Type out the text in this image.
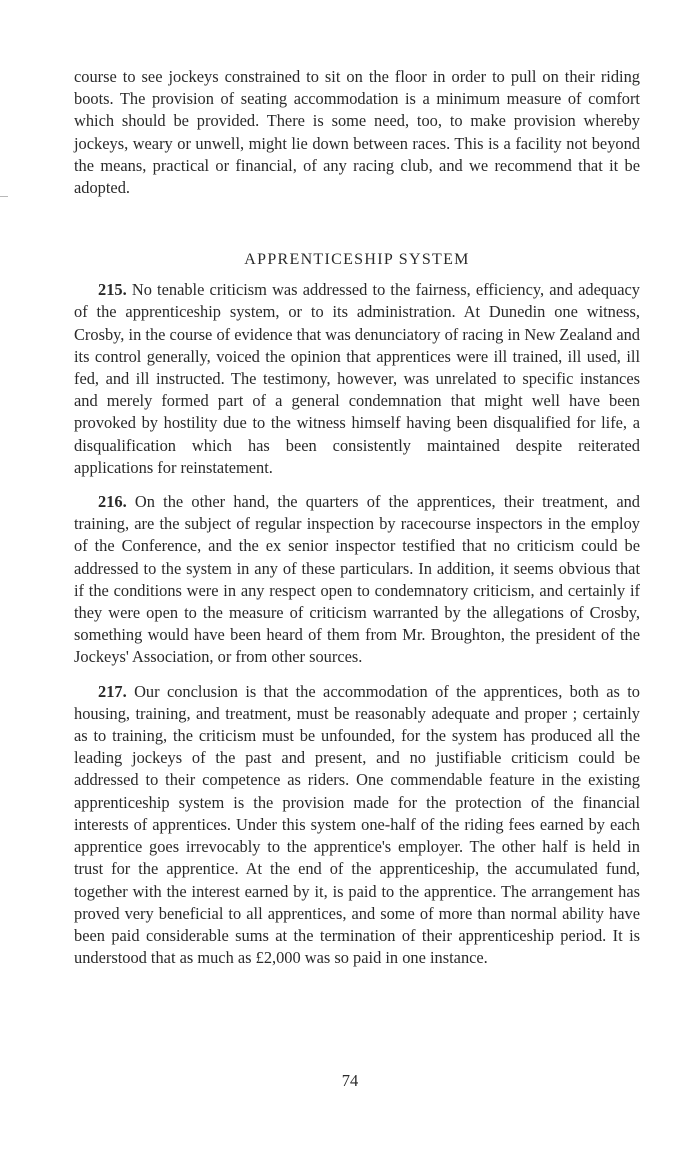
course to see jockeys constrained to sit on the floor in order to pull on their riding boots. The provision of seating accommodation is a minimum measure of comfort which should be provided. There is some need, too, to make provision whereby jockeys, weary or unwell, might lie down between races. This is a facility not beyond the means, practical or financial, of any racing club, and we recommend that it be adopted.

APPRENTICESHIP SYSTEM

215. No tenable criticism was addressed to the fairness, efficiency, and adequacy of the apprenticeship system, or to its administration. At Dunedin one witness, Crosby, in the course of evidence that was denunciatory of racing in New Zealand and its control generally, voiced the opinion that apprentices were ill trained, ill used, ill fed, and ill instructed. The testimony, however, was unrelated to specific instances and merely formed part of a general condemnation that might well have been provoked by hostility due to the witness himself having been disqualified for life, a disqualification which has been consistently maintained despite reiterated applications for reinstatement.

216. On the other hand, the quarters of the apprentices, their treatment, and training, are the subject of regular inspection by racecourse inspectors in the employ of the Conference, and the ex senior inspector testified that no criticism could be addressed to the system in any of these particulars. In addition, it seems obvious that if the conditions were in any respect open to condemnatory criticism, and certainly if they were open to the measure of criticism warranted by the allegations of Crosby, something would have been heard of them from Mr. Broughton, the president of the Jockeys' Association, or from other sources.

217. Our conclusion is that the accommodation of the apprentices, both as to housing, training, and treatment, must be reasonably adequate and proper ; certainly as to training, the criticism must be unfounded, for the system has produced all the leading jockeys of the past and present, and no justifiable criticism could be addressed to their competence as riders. One commendable feature in the existing apprenticeship system is the provision made for the protection of the financial interests of apprentices. Under this system one-half of the riding fees earned by each apprentice goes irrevocably to the apprentice's employer. The other half is held in trust for the apprentice. At the end of the apprenticeship, the accumulated fund, together with the interest earned by it, is paid to the apprentice. The arrangement has proved very beneficial to all apprentices, and some of more than normal ability have been paid considerable sums at the termination of their apprenticeship period. It is understood that as much as £2,000 was so paid in one instance.

74
